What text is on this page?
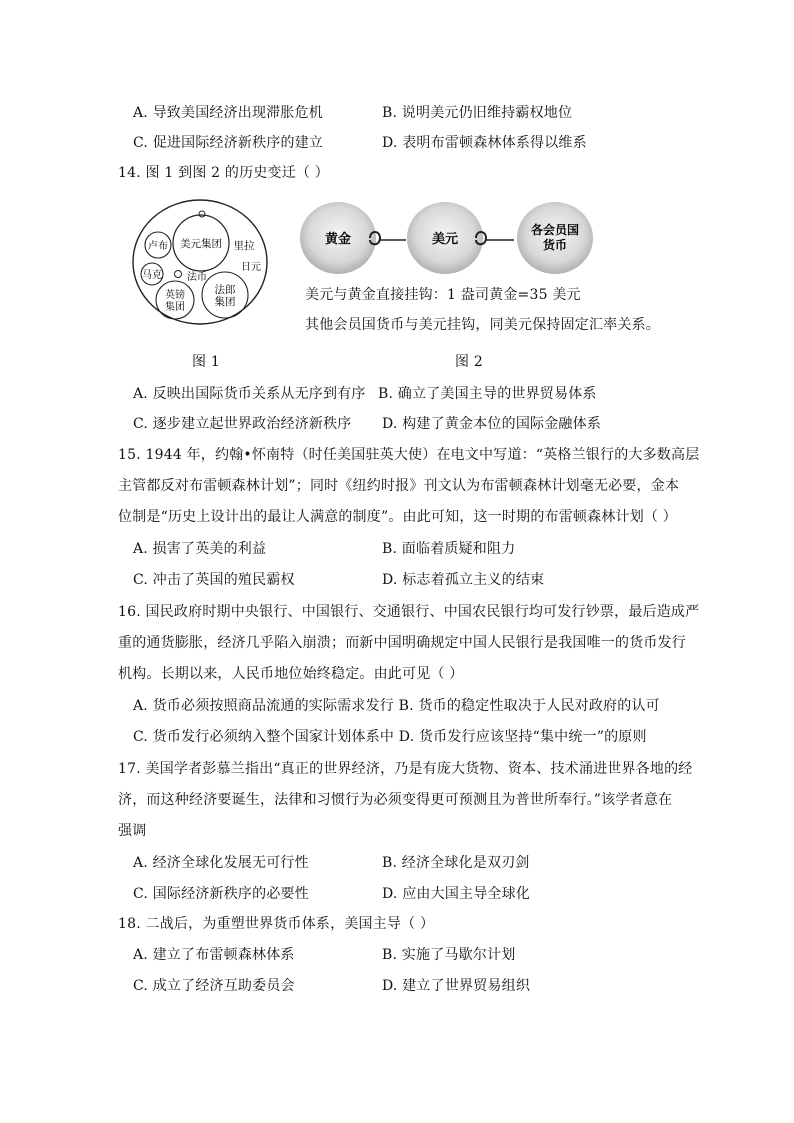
A. 导致美国经济出现滞胀危机	B. 说明美元仍旧维持霸权地位
C. 促进国际经济新秩序的建立	D. 表明布雷顿森林体系得以维系
14. 图 1 到图 2 的历史变迁（ ）
卢布 美元集团 里拉
马克	法币
日元
英镑集团
法郎集团
图 1
黄金	美元
各会员国
货币
美元与黄金直接挂钩：1 盎司黄金=35 美元
其他会员国货币与美元挂钩，同美元保持固定汇率关系。
图 2
A. 反映出国际货币关系从无序到有序 B. 确立了美国主导的世界贸易体系
C. 逐步建立起世界政治经济新秩序 D. 构建了黄金本位的国际金融体系
15. 1944 年，约翰•怀南特（时任美国驻英大使）在电文中写道：“英格兰银行的大多数高层
主管都反对布雷顿森林计划”；同时《纽约时报》刊文认为布雷顿森林计划毫无必要，金本
位制是“历史上设计出的最让人满意的制度”。由此可知，这一时期的布雷顿森林计划（ ）
A. 损害了英美的利益	B. 面临着质疑和阻力
C. 冲击了英国的殖民霸权	D. 标志着孤立主义的结束
16. 国民政府时期中央银行、中国银行、交通银行、中国农民银行均可发行钞票，最后造成严
重的通货膨胀，经济几乎陷入崩溃；而新中国明确规定中国人民银行是我国唯一的货币发行
机构。长期以来，人民币地位始终稳定。由此可见（ ）
A. 货币必须按照商品流通的实际需求发行 B. 货币的稳定性取决于人民对政府的认可
C. 货币发行必须纳入整个国家计划体系中 D. 货币发行应该坚持“集中统一”的原则
17. 美国学者彭慕兰指出“真正的世界经济，乃是有庞大货物、资本、技术涌进世界各地的经
济，而这种经济要诞生，法律和习惯行为必须变得更可预测且为普世所奉行。”该学者意在
强调
A. 经济全球化发展无可行性	B. 经济全球化是双刃剑
C. 国际经济新秩序的必要性	D. 应由大国主导全球化
18. 二战后，为重塑世界货币体系，美国主导（ ）
A. 建立了布雷顿森林体系	B. 实施了马歇尔计划
C. 成立了经济互助委员会	D. 建立了世界贸易组织
